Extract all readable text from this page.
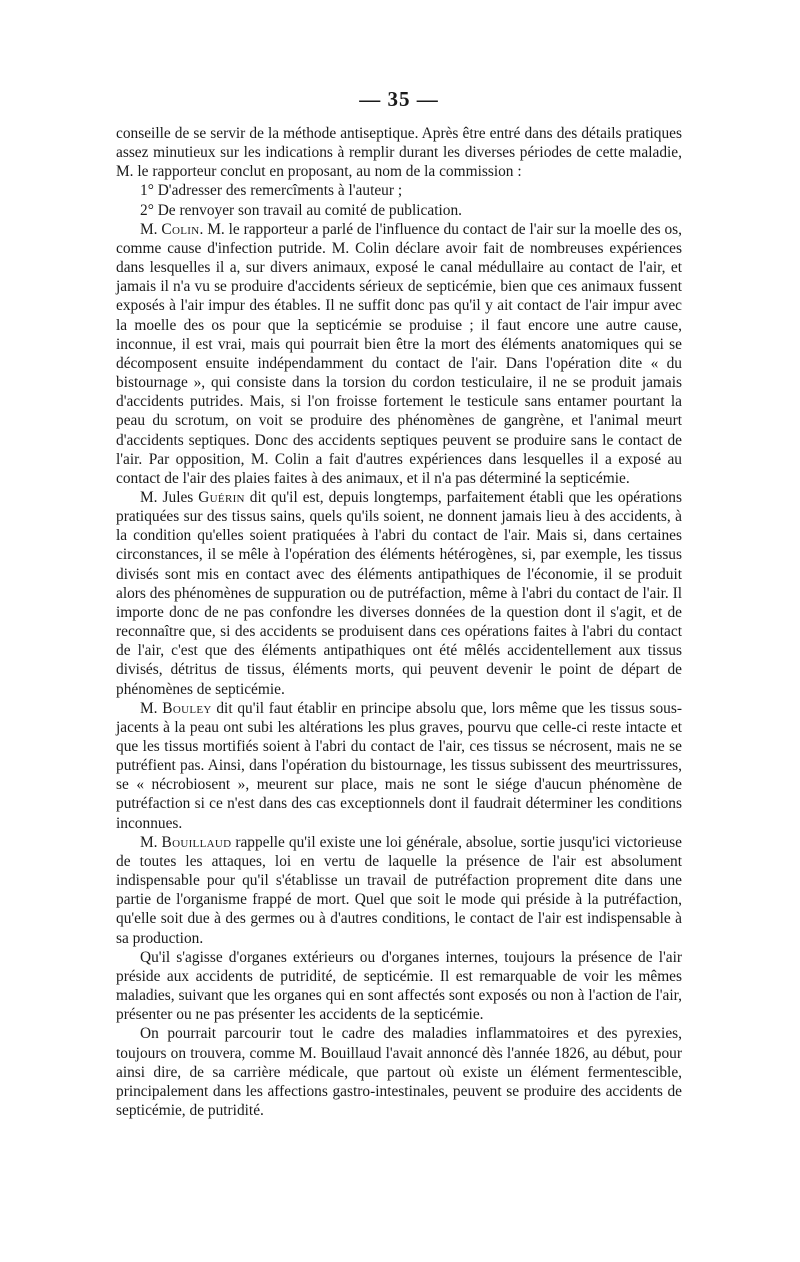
— 35 —

conseille de se servir de la méthode antiseptique. Après être entré dans des détails pratiques assez minutieux sur les indications à remplir durant les diverses périodes de cette maladie, M. le rapporteur conclut en proposant, au nom de la commission :

1° D'adresser des remercîments à l'auteur ;

2° De renvoyer son travail au comité de publication.

M. Colin. M. le rapporteur a parlé de l'influence du contact de l'air sur la moelle des os, comme cause d'infection putride. M. Colin déclare avoir fait de nombreuses expériences dans lesquelles il a, sur divers animaux, exposé le canal médullaire au contact de l'air, et jamais il n'a vu se produire d'accidents sérieux de septicémie, bien que ces animaux fussent exposés à l'air impur des étables. Il ne suffit donc pas qu'il y ait contact de l'air impur avec la moelle des os pour que la septicémie se produise ; il faut encore une autre cause, inconnue, il est vrai, mais qui pourrait bien être la mort des éléments anatomiques qui se décomposent ensuite indépendamment du contact de l'air. Dans l'opération dite « du bistournage », qui consiste dans la torsion du cordon testiculaire, il ne se produit jamais d'accidents putrides. Mais, si l'on froisse fortement le testicule sans entamer pourtant la peau du scrotum, on voit se produire des phénomènes de gangrène, et l'animal meurt d'accidents septiques. Donc des accidents septiques peuvent se produire sans le contact de l'air. Par opposition, M. Colin a fait d'autres expériences dans lesquelles il a exposé au contact de l'air des plaies faites à des animaux, et il n'a pas déterminé la septicémie.

M. Jules Guérin dit qu'il est, depuis longtemps, parfaitement établi que les opérations pratiquées sur des tissus sains, quels qu'ils soient, ne donnent jamais lieu à des accidents, à la condition qu'elles soient pratiquées à l'abri du contact de l'air. Mais si, dans certaines circonstances, il se mêle à l'opération des éléments hétérogènes, si, par exemple, les tissus divisés sont mis en contact avec des éléments antipathiques de l'économie, il se produit alors des phénomènes de suppuration ou de putréfaction, même à l'abri du contact de l'air. Il importe donc de ne pas confondre les diverses données de la question dont il s'agit, et de reconnaître que, si des accidents se produisent dans ces opérations faites à l'abri du contact de l'air, c'est que des éléments antipathiques ont été mêlés accidentellement aux tissus divisés, détritus de tissus, éléments morts, qui peuvent devenir le point de départ de phénomènes de septicémie.

M. Bouley dit qu'il faut établir en principe absolu que, lors même que les tissus sous-jacents à la peau ont subi les altérations les plus graves, pourvu que celle-ci reste intacte et que les tissus mortifiés soient à l'abri du contact de l'air, ces tissus se nécrosent, mais ne se putréfient pas. Ainsi, dans l'opération du bistournage, les tissus subissent des meurtrissures, se « nécrobiosent », meurent sur place, mais ne sont le siége d'aucun phénomène de putréfaction si ce n'est dans des cas exceptionnels dont il faudrait déterminer les conditions inconnues.

M. Bouillaud rappelle qu'il existe une loi générale, absolue, sortie jusqu'ici victorieuse de toutes les attaques, loi en vertu de laquelle la présence de l'air est absolument indispensable pour qu'il s'établisse un travail de putréfaction proprement dite dans une partie de l'organisme frappé de mort. Quel que soit le mode qui préside à la putréfaction, qu'elle soit due à des germes ou à d'autres conditions, le contact de l'air est indispensable à sa production.

Qu'il s'agisse d'organes extérieurs ou d'organes internes, toujours la présence de l'air préside aux accidents de putridité, de septicémie. Il est remarquable de voir les mêmes maladies, suivant que les organes qui en sont affectés sont exposés ou non à l'action de l'air, présenter ou ne pas présenter les accidents de la septicémie.

On pourrait parcourir tout le cadre des maladies inflammatoires et des pyrexies, toujours on trouvera, comme M. Bouillaud l'avait annoncé dès l'année 1826, au début, pour ainsi dire, de sa carrière médicale, que partout où existe un élément fermentescible, principalement dans les affections gastro-intestinales, peuvent se produire des accidents de septicémie, de putridité.
